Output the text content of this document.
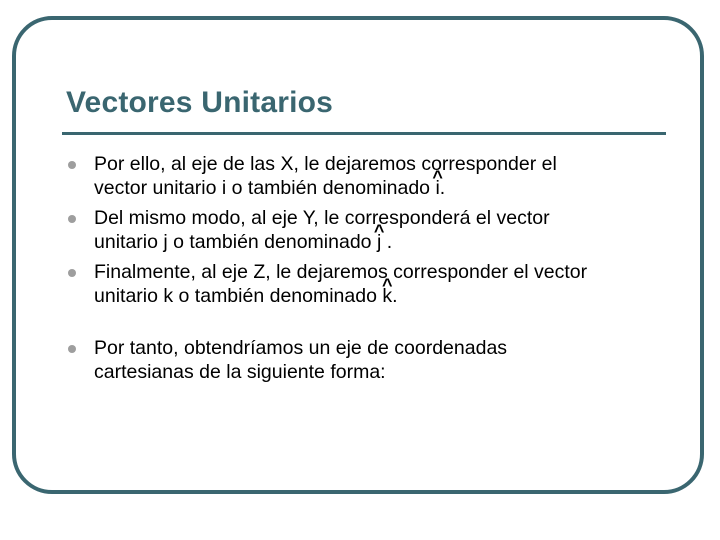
Vectores Unitarios
Por ello, al eje de las X, le dejaremos corresponder el
vector unitario i o también denominado ^ i.
Del mismo modo, al eje Y, le corresponderá el vector
unitario j o también denominado ^ j .
Finalmente, al eje Z, le dejaremos corresponder el vector
unitario k o también denominado ^ k.
Por tanto, obtendríamos un eje de coordenadas
cartesianas de la siguiente forma:
